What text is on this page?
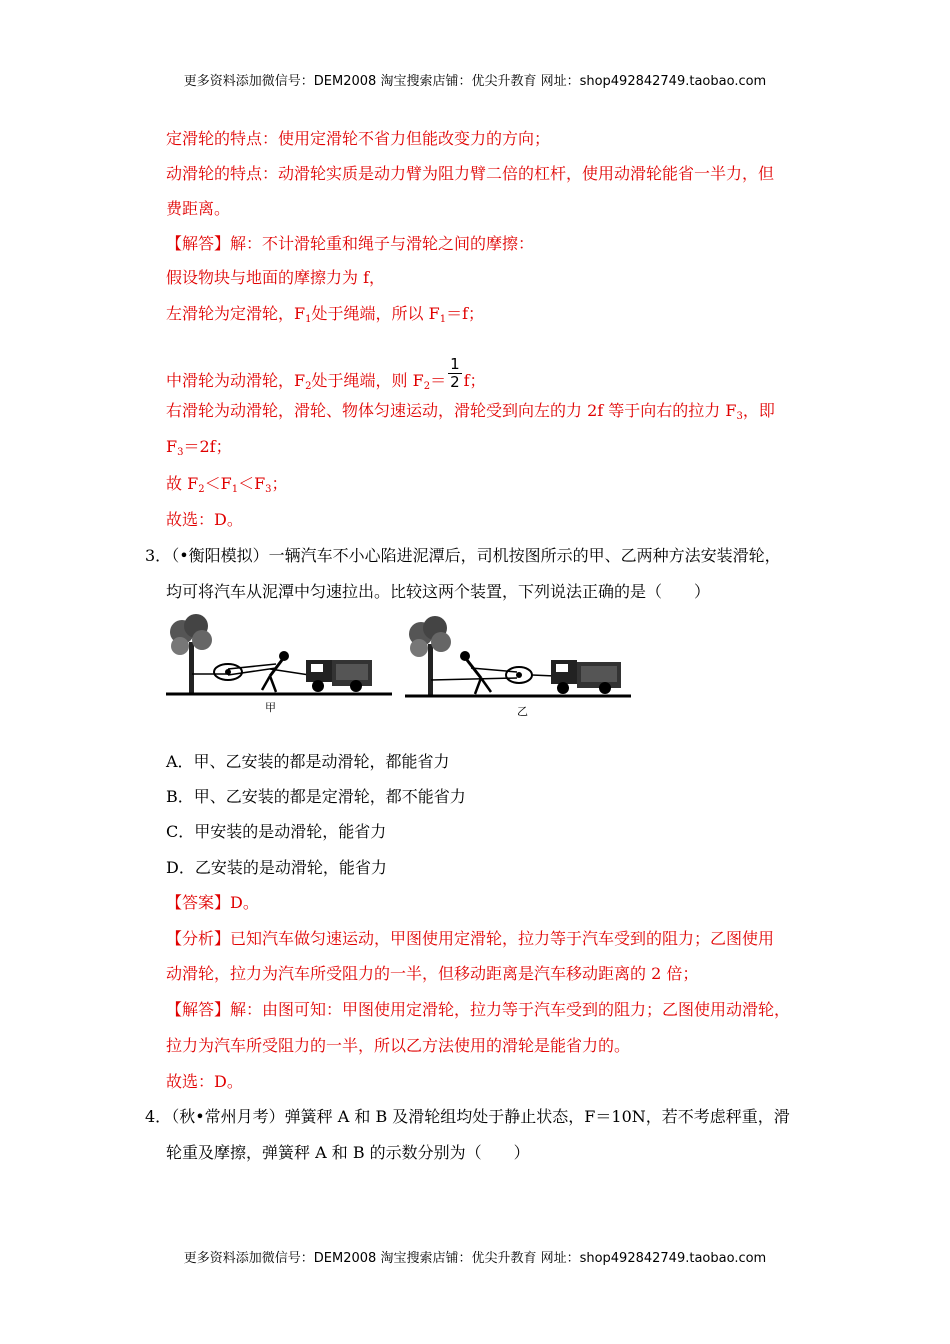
更多资料添加微信号：DEM2008 淘宝搜索店铺：优尖升教育 网址：shop492842749.taobao.com
定滑轮的特点：使用定滑轮不省力但能改变力的方向；
动滑轮的特点：动滑轮实质是动力臂为阻力臂二倍的杠杆，使用动滑轮能省一半力，但
费距离。
【解答】解：不计滑轮重和绳子与滑轮之间的摩擦：
假设物块与地面的摩擦力为 f，
左滑轮为定滑轮，$F_1$处于绳端，所以 $F_1=f$；
中滑轮为动滑轮，$F_2$处于绳端，则 $F_2= \frac{1}{2}$ f；
右滑轮为动滑轮，滑轮、物体匀速运动，滑轮受到向左的力 2f 等于向右的拉力 $F_3$，即
$F_3=2f$；
故 $F_2<F_1<F_3$；
故选：D。
3．（•衡阳模拟）一辆汽车不小心陷进泥潭后，司机按图所示的甲、乙两种方法安装滑轮，
均可将汽车从泥潭中匀速拉出。比较这两个装置，下列说法正确的是（　　）
甲	乙
A．甲、乙安装的都是动滑轮，都能省力
B．甲、乙安装的都是定滑轮，都不能省力
C．甲安装的是动滑轮，能省力
D．乙安装的是动滑轮，能省力
【答案】D。
【分析】已知汽车做匀速运动，甲图使用定滑轮，拉力等于汽车受到的阻力；乙图使用
动滑轮，拉力为汽车所受阻力的一半，但移动距离是汽车移动距离的 2 倍；
【解答】解：由图可知：甲图使用定滑轮，拉力等于汽车受到的阻力；乙图使用动滑轮，
拉力为汽车所受阻力的一半，所以乙方法使用的滑轮是能省力的。
故选：D。
4．（秋•常州月考）弹簧秤 A 和 B 及滑轮组均处于静止状态，F＝10N，若不考虑秤重，滑
轮重及摩擦，弹簧秤 A 和 B 的示数分别为（　　）
更多资料添加微信号：DEM2008 淘宝搜索店铺：优尖升教育 网址：shop492842749.taobao.com
